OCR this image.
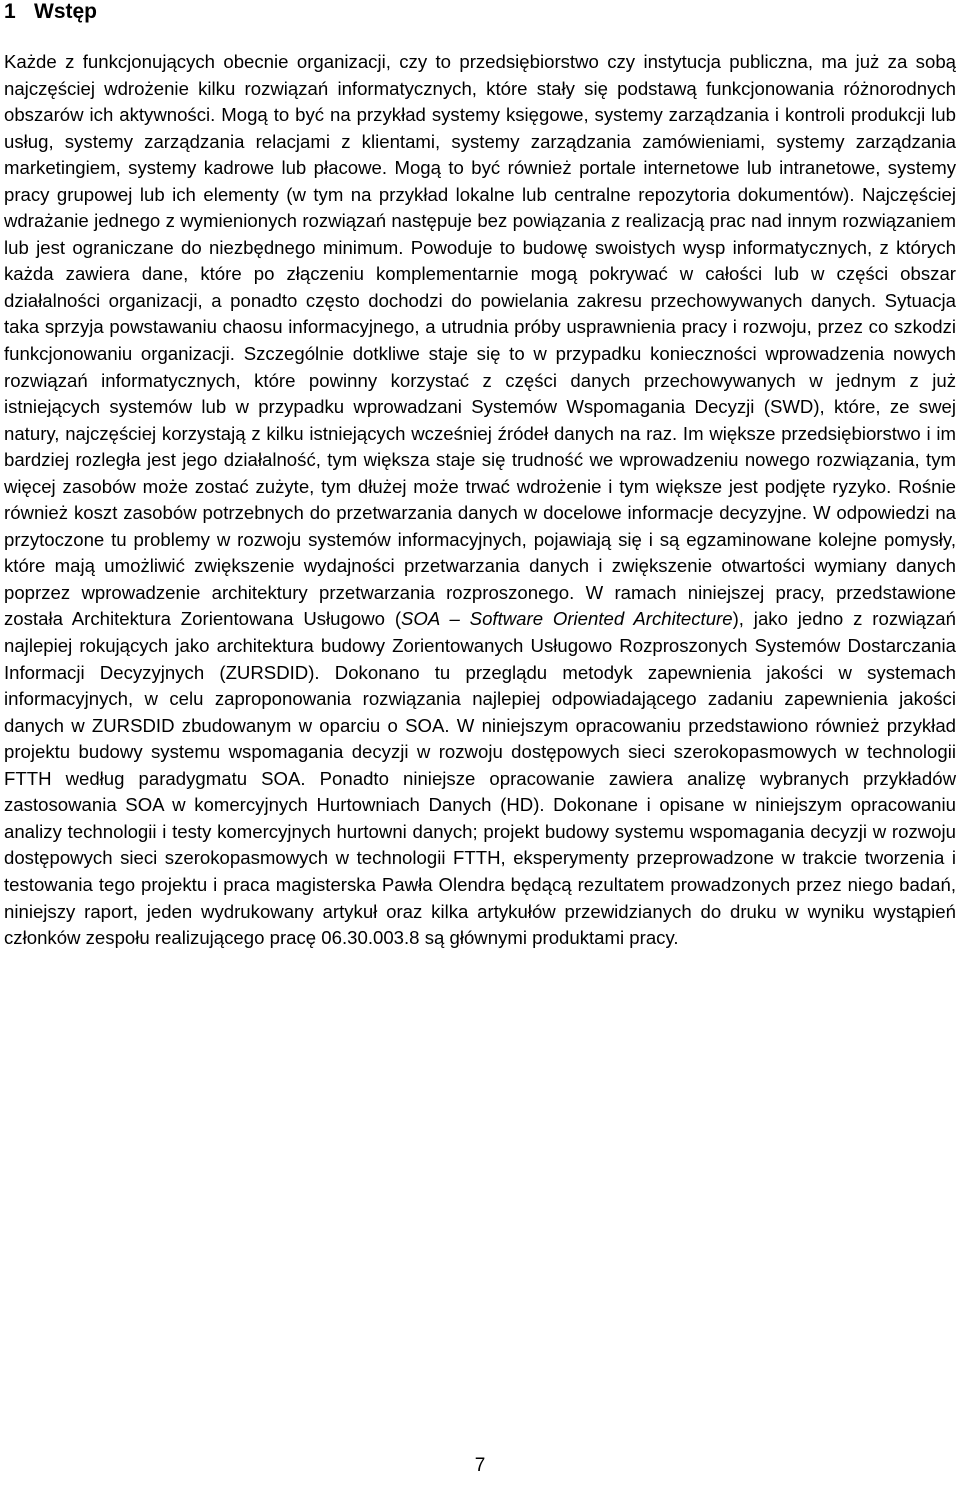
1 Wstęp

Każde z funkcjonujących obecnie organizacji, czy to przedsiębiorstwo czy instytucja publiczna, ma już za sobą najczęściej wdrożenie kilku rozwiązań informatycznych, które stały się podstawą funkcjonowania różnorodnych obszarów ich aktywności. Mogą to być na przykład systemy księgowe, systemy zarządzania i kontroli produkcji lub usług, systemy zarządzania relacjami z klientami, systemy zarządzania zamówieniami, systemy zarządzania marketingiem, systemy kadrowe lub płacowe. Mogą to być również portale internetowe lub intranetowe, systemy pracy grupowej lub ich elementy (w tym na przykład lokalne lub centralne repozytoria dokumentów). Najczęściej wdrażanie jednego z wymienionych rozwiązań następuje bez powiązania z realizacją prac nad innym rozwiązaniem lub jest ograniczane do niezbędnego minimum. Powoduje to budowę swoistych wysp informatycznych, z których każda zawiera dane, które po złączeniu komplementarnie mogą pokrywać w całości lub w części obszar działalności organizacji, a ponadto często dochodzi do powielania zakresu przechowywanych danych. Sytuacja taka sprzyja powstawaniu chaosu informacyjnego, a utrudnia próby usprawnienia pracy i rozwoju, przez co szkodzi funkcjonowaniu organizacji. Szczególnie dotkliwe staje się to w przypadku konieczności wprowadzenia nowych rozwiązań informatycznych, które powinny korzystać z części danych przechowywanych w jednym z już istniejących systemów lub w przypadku wprowadzani Systemów Wspomagania Decyzji (SWD), które, ze swej natury, najczęściej korzystają z kilku istniejących wcześniej źródeł danych na raz. Im większe przedsiębiorstwo i im bardziej rozległa jest jego działalność, tym większa staje się trudność we wprowadzeniu nowego rozwiązania, tym więcej zasobów może zostać zużyte, tym dłużej może trwać wdrożenie i tym większe jest podjęte ryzyko. Rośnie również koszt zasobów potrzebnych do przetwarzania danych w docelowe informacje decyzyjne. W odpowiedzi na przytoczone tu problemy w rozwoju systemów informacyjnych, pojawiają się i są egzaminowane kolejne pomysły, które mają umożliwić zwiększenie wydajności przetwarzania danych i zwiększenie otwartości wymiany danych poprzez wprowadzenie architektury przetwarzania rozproszonego. W ramach niniejszej pracy, przedstawione została Architektura Zorientowana Usługowo (SOA – Software Oriented Architecture), jako jedno z rozwiązań najlepiej rokujących jako architektura budowy Zorientowanych Usługowo Rozproszonych Systemów Dostarczania Informacji Decyzyjnych (ZURSDID). Dokonano tu przeglądu metodyk zapewnienia jakości w systemach informacyjnych, w celu zaproponowania rozwiązania najlepiej odpowiadającego zadaniu zapewnienia jakości danych w ZURSDID zbudowanym w oparciu o SOA. W niniejszym opracowaniu przedstawiono również przykład projektu budowy systemu wspomagania decyzji w rozwoju dostępowych sieci szerokopasmowych w technologii FTTH według paradygmatu SOA. Ponadto niniejsze opracowanie zawiera analizę wybranych przykładów zastosowania SOA w komercyjnych Hurtowniach Danych (HD). Dokonane i opisane w niniejszym opracowaniu analizy technologii i testy komercyjnych hurtowni danych; projekt budowy systemu wspomagania decyzji w rozwoju dostępowych sieci szerokopasmowych w technologii FTTH, eksperymenty przeprowadzone w trakcie tworzenia i testowania tego projektu i praca magisterska Pawła Olendra będącą rezultatem prowadzonych przez niego badań, niniejszy raport, jeden wydrukowany artykuł oraz kilka artykułów przewidzianych do druku w wyniku wystąpień członków zespołu realizującego pracę 06.30.003.8 są głównymi produktami pracy.

7
